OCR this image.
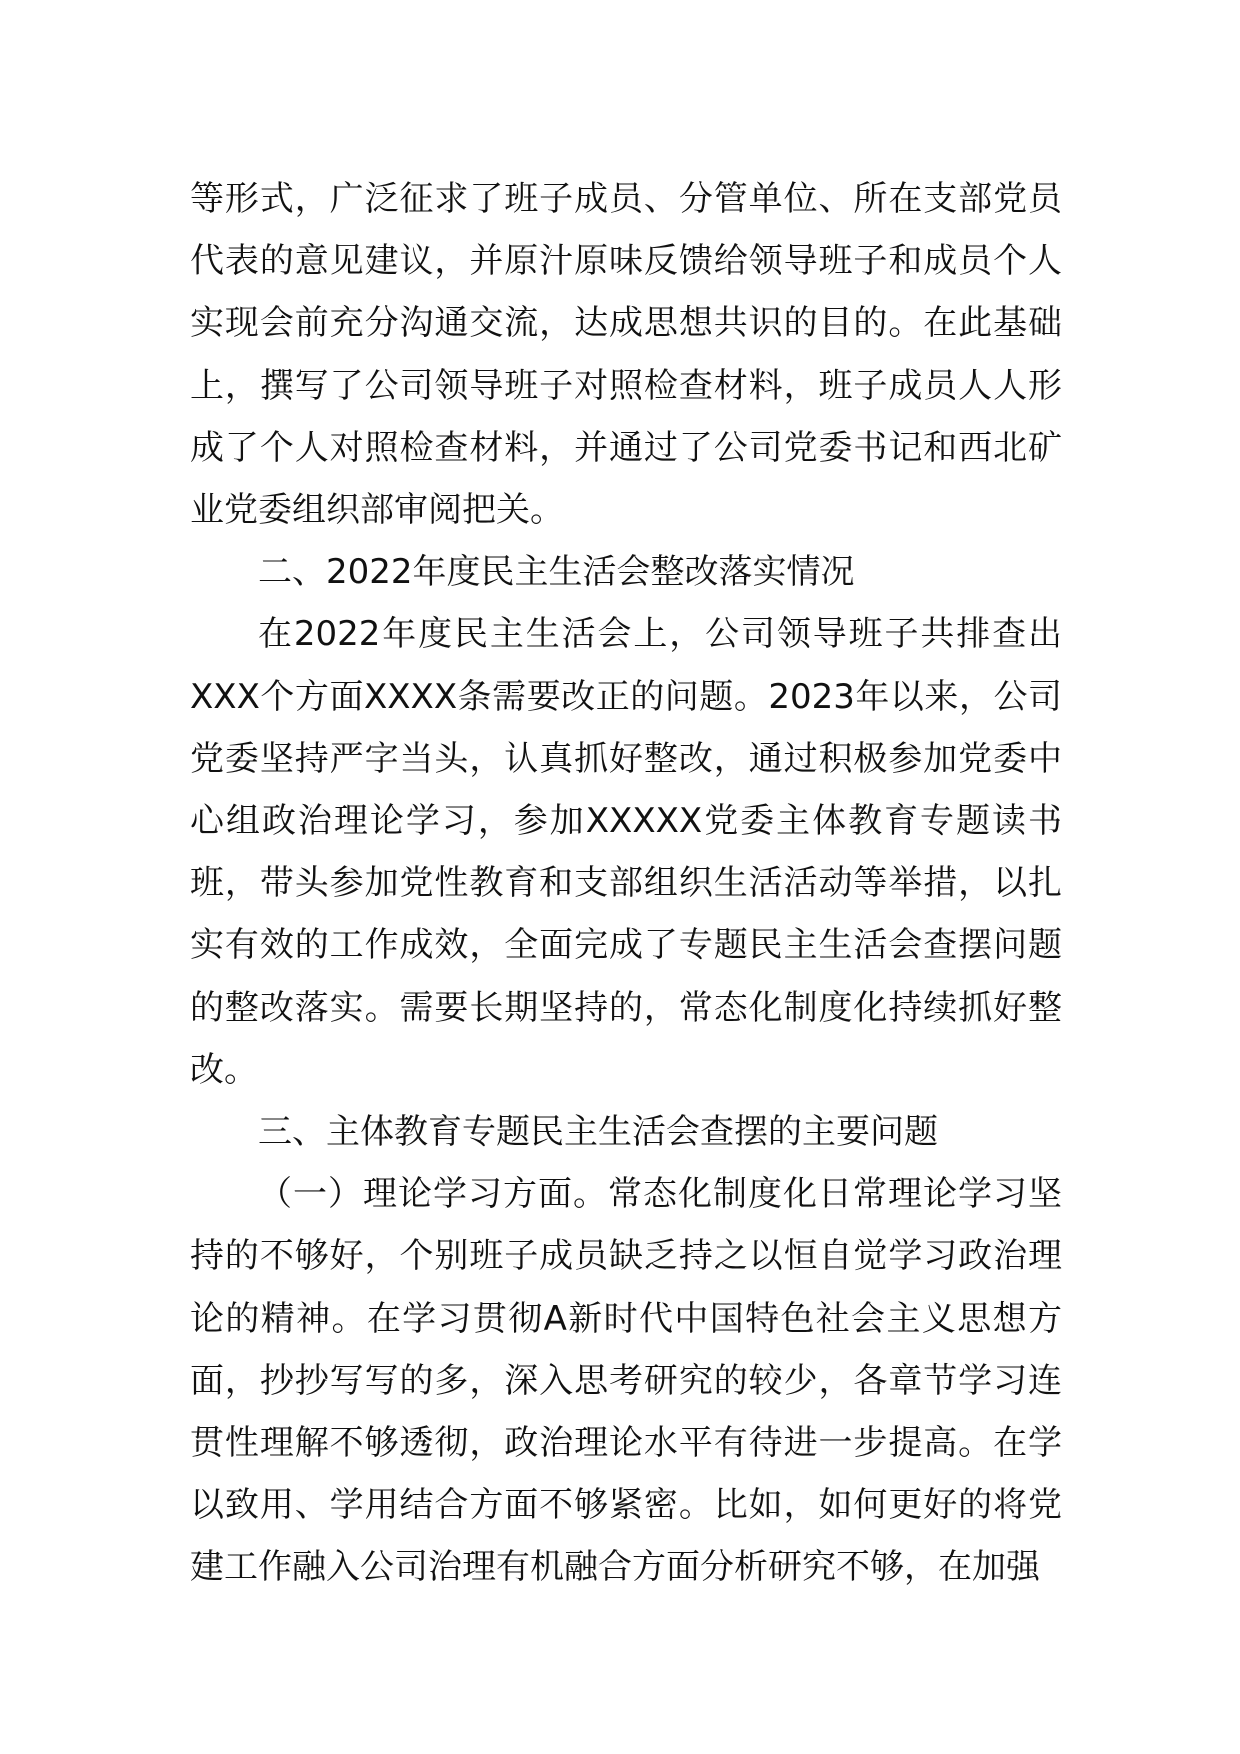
等形式，广泛征求了班子成员、分管单位、所在支部党员代表的意见建议，并原汁原味反馈给领导班子和成员个人实现会前充分沟通交流，达成思想共识的目的。在此基础上，撰写了公司领导班子对照检查材料，班子成员人人形成了个人对照检查材料，并通过了公司党委书记和西北矿业党委组织部审阅把关。

二、2022年度民主生活会整改落实情况

在2022年度民主生活会上，公司领导班子共排查出XXX个方面XXXX条需要改正的问题。2023年以来，公司党委坚持严字当头，认真抓好整改，通过积极参加党委中心组政治理论学习，参加XXXXX党委主体教育专题读书班，带头参加党性教育和支部组织生活活动等举措，以扎实有效的工作成效，全面完成了专题民主生活会查摆问题的整改落实。需要长期坚持的，常态化制度化持续抓好整改。

三、主体教育专题民主生活会查摆的主要问题

（一）理论学习方面。常态化制度化日常理论学习坚持的不够好，个别班子成员缺乏持之以恒自觉学习政治理论的精神。在学习贯彻A新时代中国特色社会主义思想方面，抄抄写写的多，深入思考研究的较少，各章节学习连贯性理解不够透彻，政治理论水平有待进一步提高。在学以致用、学用结合方面不够紧密。比如，如何更好的将党建工作融入公司治理有机融合方面分析研究不够，在加强
